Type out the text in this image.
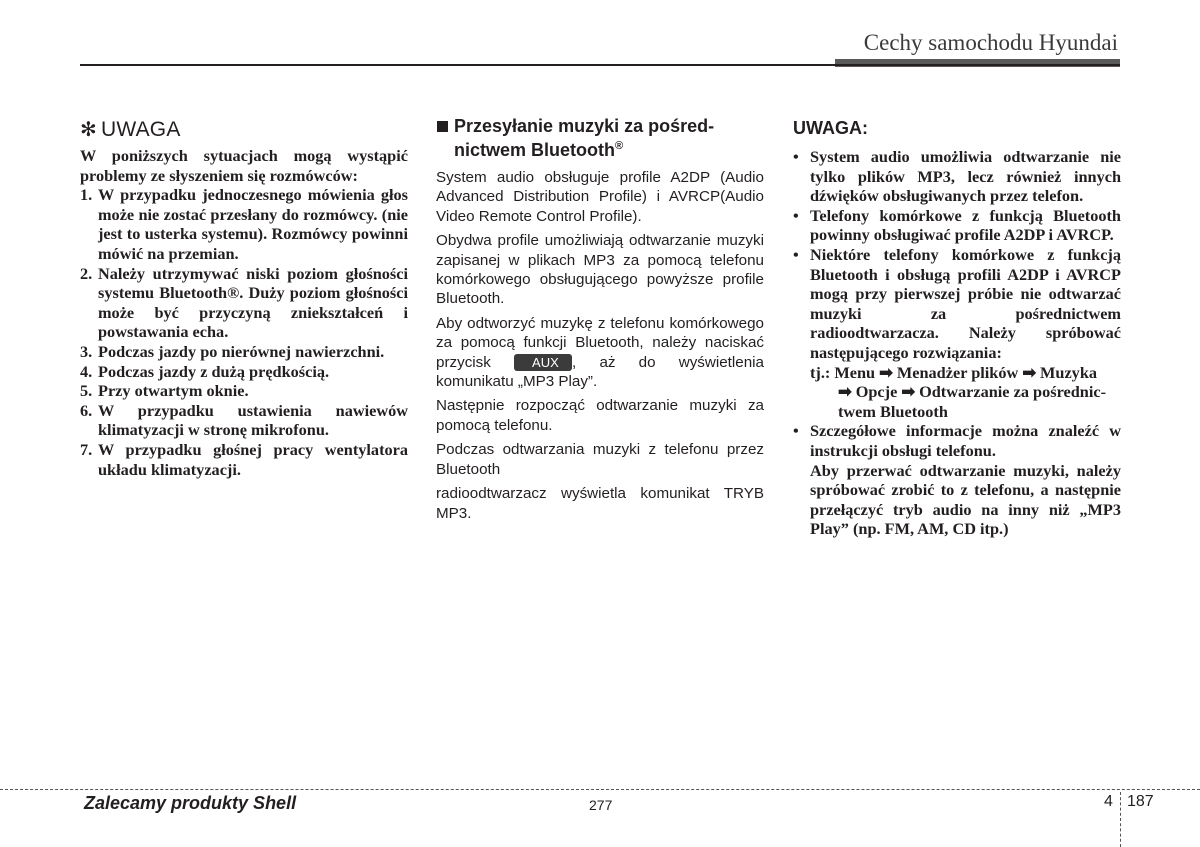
Cechy samochodu Hyundai
✻ UWAGA

W poniższych sytuacjach mogą wystąpić problemy ze słyszeniem się rozmówców:

1. W przypadku jednoczesnego mówienia głos może nie zostać przesłany do rozmówcy. (nie jest to usterka systemu). Rozmówcy powinni mówić na przemian.
2. Należy utrzymywać niski poziom głośności systemu Bluetooth®. Duży poziom głośności może być przyczyną zniekształceń i powstawania echa.
3. Podczas jazdy po nierównej nawierzchni.
4. Podczas jazdy z dużą prędkością.
5. Przy otwartym oknie.
6. W przypadku ustawienia nawiewów klimatyzacji w stronę mikrofonu.
7. W przypadku głośnej pracy wentylatora układu klimatyzacji.
Przesyłanie muzyki za pośred-
nictwem Bluetooth®

System audio obsługuje profile A2DP (Audio Advanced Distribution Profile) i AVRCP(Audio Video Remote Control Profile).

Obydwa profile umożliwiają odtwarzanie muzyki zapisanej w plikach MP3 za pomocą telefonu komórkowego obsługującego powyższe profile Bluetooth.

Aby odtworzyć muzykę z telefonu komórkowego za pomocą funkcji Bluetooth, należy naciskać przycisk	AUX , aż do wyświetlenia komunikatu „MP3 Play”.

Następnie rozpocząć odtwarzanie muzyki za pomocą telefonu.

Podczas odtwarzania muzyki z telefonu przez Bluetooth

radioodtwarzacz wyświetla komunikat TRYB MP3.

UWAGA:
• System audio umożliwia odtwarzanie nie tylko plików MP3, lecz również innych dźwięków obsługiwanych przez telefon.
• Telefony komórkowe z funkcją Bluetooth powinny obsługiwać profile A2DP i AVRCP.
• Niektóre telefony komórkowe z funkcją Bluetooth i obsługą profili A2DP i AVRCP mogą przy pierwszej próbie nie odtwarzać muzyki za pośrednictwem radioodtwarzacza. Należy spróbować następującego rozwiązania:
tj.: Menu ➡ Menadżer plików ➡ Muzyka
➡ Opcje ➡ Odtwarzanie za pośrednic-
twem Bluetooth
• Szczegółowe informacje można znaleźć w instrukcji obsługi telefonu.
Aby przerwać odtwarzanie muzyki, należy spróbować zrobić to z telefonu, a następnie przełączyć tryb audio na inny niż „MP3 Play” (np. FM, AM, CD itp.)
Zalecamy produkty Shell	277	4 187
